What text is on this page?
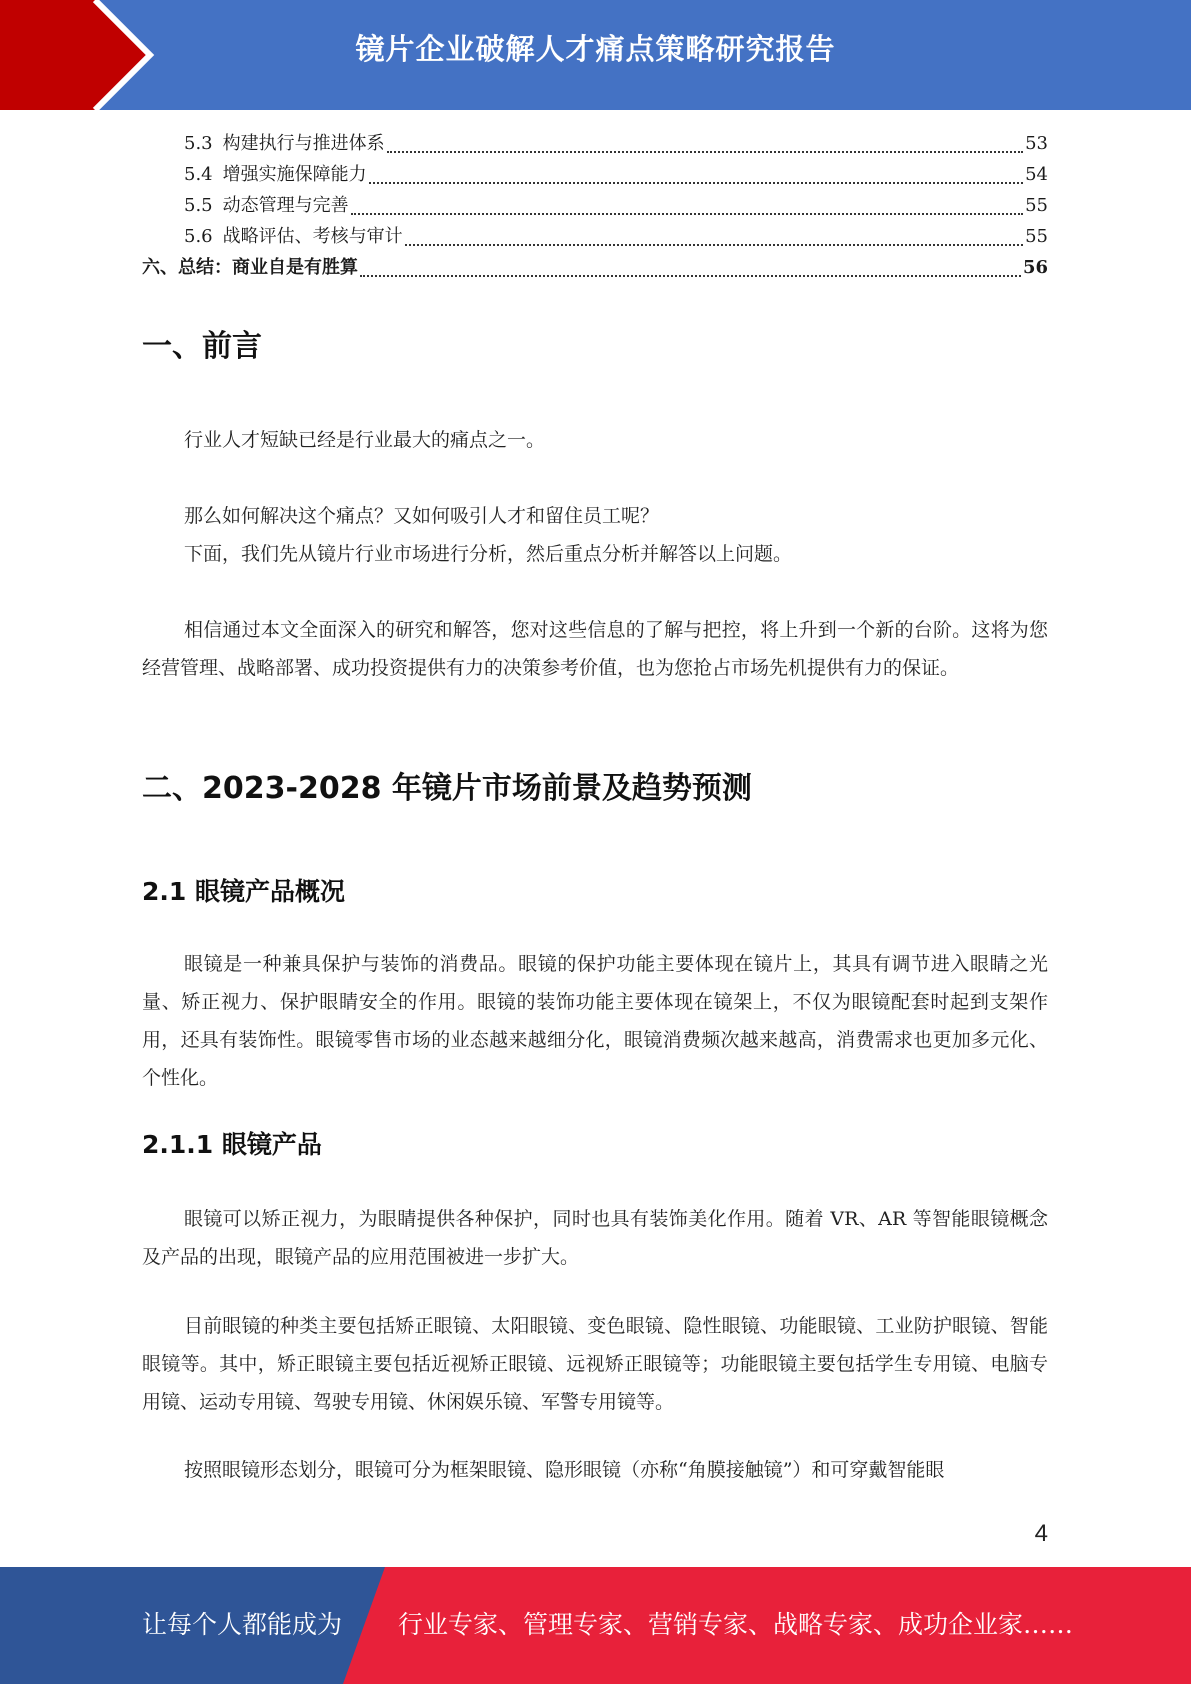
镜片企业破解人才痛点策略研究报告
5.3 构建执行与推进体系	53
5.4 增强实施保障能力	54
5.5 动态管理与完善	55
5.6 战略评估、考核与审计	55
六、总结：商业自是有胜算	56
一、前言
行业人才短缺已经是行业最大的痛点之一。
那么如何解决这个痛点？又如何吸引人才和留住员工呢？
下面，我们先从镜片行业市场进行分析，然后重点分析并解答以上问题。
相信通过本文全面深入的研究和解答，您对这些信息的了解与把控，将上升到一个新的台阶。这将为您经营管理、战略部署、成功投资提供有力的决策参考价值，也为您抢占市场先机提供有力的保证。
二、2023-2028 年镜片市场前景及趋势预测
2.1 眼镜产品概况
眼镜是一种兼具保护与装饰的消费品。眼镜的保护功能主要体现在镜片上，其具有调节进入眼睛之光量、矫正视力、保护眼睛安全的作用。眼镜的装饰功能主要体现在镜架上，不仅为眼镜配套时起到支架作用，还具有装饰性。眼镜零售市场的业态越来越细分化，眼镜消费频次越来越高，消费需求也更加多元化、个性化。
2.1.1 眼镜产品
眼镜可以矫正视力，为眼睛提供各种保护，同时也具有装饰美化作用。随着 VR、AR 等智能眼镜概念及产品的出现，眼镜产品的应用范围被进一步扩大。
目前眼镜的种类主要包括矫正眼镜、太阳眼镜、变色眼镜、隐性眼镜、功能眼镜、工业防护眼镜、智能眼镜等。其中，矫正眼镜主要包括近视矫正眼镜、远视矫正眼镜等；功能眼镜主要包括学生专用镜、电脑专用镜、运动专用镜、驾驶专用镜、休闲娱乐镜、军警专用镜等。
按照眼镜形态划分，眼镜可分为框架眼镜、隐形眼镜（亦称“角膜接触镜”）和可穿戴智能眼
4
让每个人都能成为 行业专家、管理专家、营销专家、战略专家、成功企业家……
